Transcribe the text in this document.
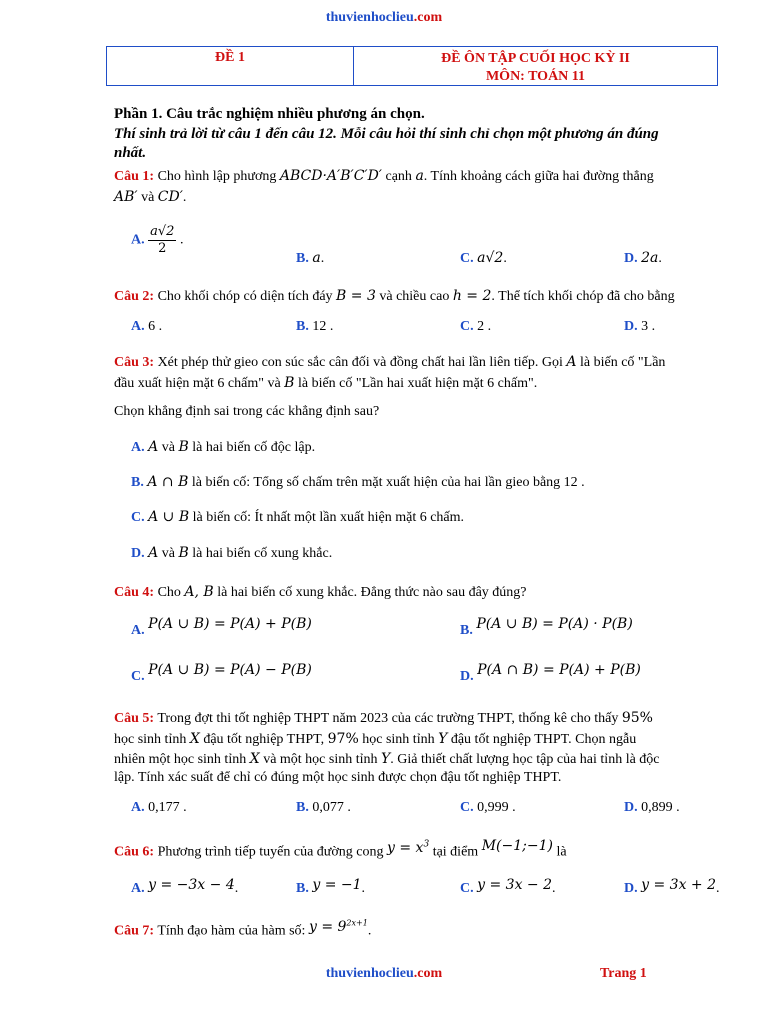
thuvienhoclieu.com
ĐỀ 1	ĐỀ ÔN TẬP CUỐI HỌC KỲ II
MÔN: TOÁN 11
Phần 1. Câu trắc nghiệm nhiều phương án chọn.
Thí sinh trả lời từ câu 1 đến câu 12. Mỗi câu hỏi thí sinh chỉ chọn một phương án đúng
nhất.
Câu 1: Cho hình lập phương ABCD·A′B′C′D′ cạnh a. Tính khoảng cách giữa hai đường thẳng
AB′ và CD′.
A. $\frac{a√2}{2}$ .
B. a.	C. a√2.	D. 2a.
Câu 2: Cho khối chóp có diện tích đáy B = 3 và chiều cao h = 2. Thể tích khối chóp đã cho bằng
A. 6 .	B. 12 .	C. 2 .	D. 3 .
Câu 3: Xét phép thử gieo con súc sắc cân đối và đồng chất hai lần liên tiếp. Gọi A là biến cố "Lần
đầu xuất hiện mặt 6 chấm" và B là biến cố "Lần hai xuất hiện mặt 6 chấm".
Chọn khẳng định sai trong các khẳng định sau?
A. A và B là hai biến cố độc lập.
B. A ∩ B là biến cố: Tổng số chấm trên mặt xuất hiện của hai lần gieo bằng 12 .
C. A ∪ B là biến cố: Ít nhất một lần xuất hiện mặt 6 chấm.
D. A và B là hai biến cố xung khắc.
Câu 4: Cho A, B là hai biến cố xung khắc. Đẳng thức nào sau đây đúng?
A. P(A ∪ B) = P(A) + P(B)	B. P(A ∪ B) = P(A) · P(B)
C. P(A ∪ B) = P(A) − P(B)	D. P(A ∩ B) = P(A) + P(B)
Câu 5: Trong đợt thi tốt nghiệp THPT năm 2023 của các trường THPT, thống kê cho thấy 95%
học sinh tỉnh X đậu tốt nghiệp THPT, 97% học sinh tỉnh Y đậu tốt nghiệp THPT. Chọn ngẫu
nhiên một học sinh tỉnh X và một học sinh tỉnh Y. Giả thiết chất lượng học tập của hai tỉnh là độc
lập. Tính xác suất để chỉ có đúng một học sinh được chọn đậu tốt nghiệp THPT.
A. 0,177 .	B. 0,077 .	C. 0,999 .	D. 0,899 .
Câu 6: Phương trình tiếp tuyến của đường cong $y = x^3$ tại điểm M(−1;−1) là
A. y = −3x − 4.	B. y = −1.	C. y = 3x − 2.	D. y = 3x + 2.
Câu 7: Tính đạo hàm của hàm số: $y = 9^{2x+1}$.
thuvienhoclieu.com	Trang 1
